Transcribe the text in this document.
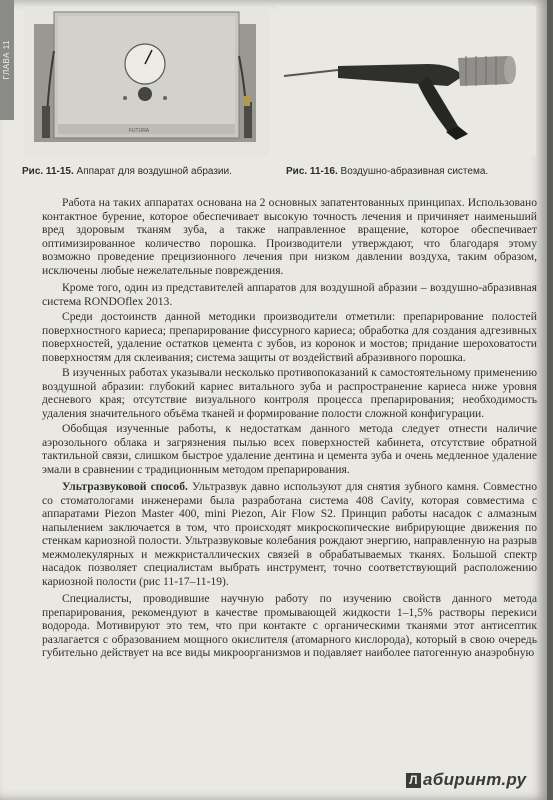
ГЛАВА 11
FUTURA
Рис. 11-15. Аппарат для воздушной абразии.	Рис. 11-16. Воздушно-абразивная система.

Работа на таких аппаратах основана на 2 основных запатентованных принципах. Использовано контактное бурение, которое обеспечивает высокую точность лечения и причиняет наименьший вред здоровым тканям зуба, а также направленное вращение, которое обеспечивает оптимизированное количество порошка. Производители утверждают, что благодаря этому возможно проведение прецизионного лечения при низком давлении воздуха, таким образом, исключены любые нежелательные повреждения.

Кроме того, один из представителей аппаратов для воздушной абразии – воздушно-абразивная система RONDOflex 2013.

Среди достоинств данной методики производители отметили: препарирование полостей поверхностного кариеса; препарирование фиссурного кариеса; обработка для создания адгезивных поверхностей, удаление остатков цемента с зубов, из коронок и мостов; придание шероховатости поверхностям для склеивания; система защиты от воздействий абразивного порошка.

В изученных работах указывали несколько противопоказаний к самостоятельному применению воздушной абразии: глубокий кариес витального зуба и распространение кариеса ниже уровня десневого края; отсутствие визуального контроля процесса препарирования; необходимость удаления значительного объёма тканей и формирование полости сложной конфигурации.

Обобщая изученные работы, к недостаткам данного метода следует отнести наличие аэрозольного облака и загрязнения пылью всех поверхностей кабинета, отсутствие обратной тактильной связи, слишком быстрое удаление дентина и цемента зуба и очень медленное удаление эмали в сравнении с традиционным методом препарирования.

Ультразвуковой способ. Ультразвук давно используют для снятия зубного камня. Совместно со стоматологами инженерами была разработана система 408 Cavity, которая совместима с аппаратами Piezon Master 400, mini Piezon, Air Flow S2. Принцип работы насадок с алмазным напылением заключается в том, что происходят микроскопические вибрирующие движения по стенкам кариозной полости. Ультразвуковые колебания рождают энергию, направленную на разрыв межмолекулярных и межкристаллических связей в обрабатываемых тканях. Большой спектр насадок позволяет специалистам выбрать инструмент, точно соответствующий расположению кариозной полости (рис 11-17–11-19).

Специалисты, проводившие научную работу по изучению свойств данного метода препарирования, рекомендуют в качестве промывающей жидкости 1–1,5% растворы перекиси водорода. Мотивируют это тем, что при контакте с органическими тканями этот антисептик разлагается с образованием мощного окислителя (атомарного кислорода), который в свою очередь губительно действует на все виды микроорганизмов и подавляет наиболее патогенную анаэробную

Л абиринт.ру
